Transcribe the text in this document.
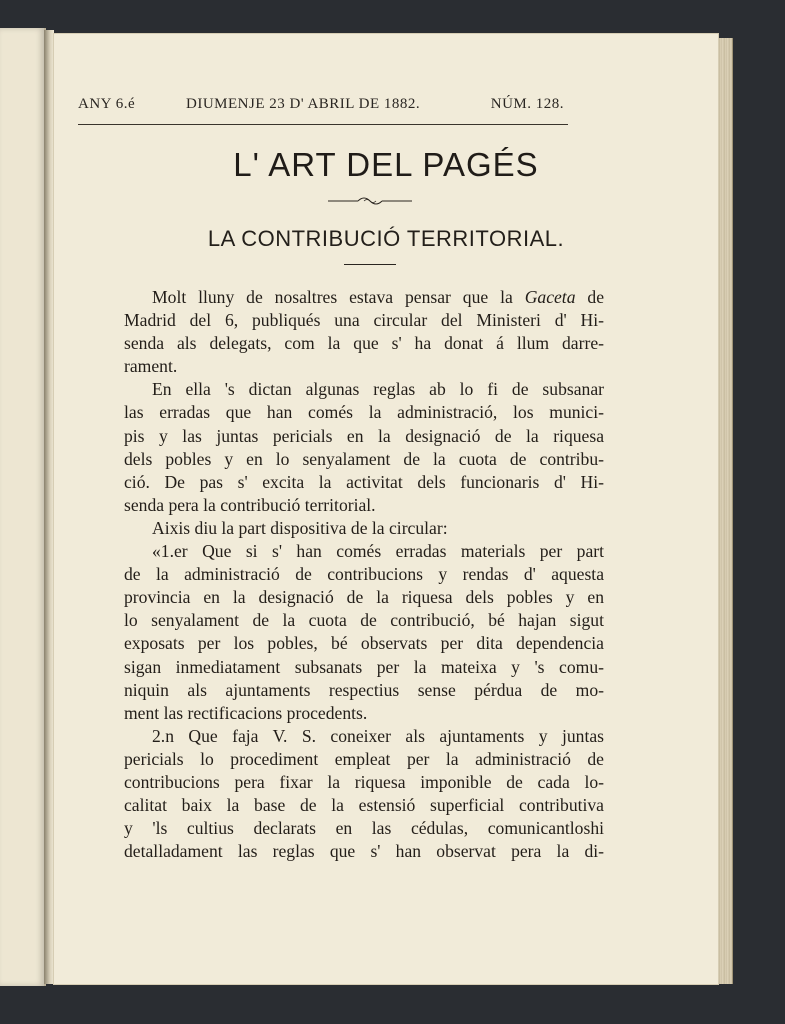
ANY 6.é	DIUMENJE 23 D' ABRIL DE 1882.	NÚM. 128.
L' ART DEL PAGÉS
LA CONTRIBUCIÓ TERRITORIAL.
Molt lluny de nosaltres estava pensar que la Gaceta de
Madrid del 6, publiqués una circular del Ministeri d' Hi-
senda als delegats, com la que s' ha donat á llum darre-
rament.
En ella 's dictan algunas reglas ab lo fi de subsanar
las erradas que han comés la administració, los munici-
pis y las juntas pericials en la designació de la riquesa
dels pobles y en lo senyalament de la cuota de contribu-
ció. De pas s' excita la activitat dels funcionaris d' Hi-
senda pera la contribució territorial.
Aixis diu la part dispositiva de la circular:
«1.er Que si s' han comés erradas materials per part
de la administració de contribucions y rendas d' aquesta
provincia en la designació de la riquesa dels pobles y en
lo senyalament de la cuota de contribució, bé hajan sigut
exposats per los pobles, bé observats per dita dependencia
sigan inmediatament subsanats per la mateixa y 's comu-
niquin als ajuntaments respectius sense pérdua de mo-
ment las rectificacions procedents.
2.n Que faja V. S. coneixer als ajuntaments y juntas
pericials lo procediment empleat per la administració de
contribucions pera fixar la riquesa imponible de cada lo-
calitat baix la base de la estensió superficial contributiva
y 'ls cultius declarats en las cédulas, comunicantloshi
detalladament las reglas que s' han observat pera la di-
